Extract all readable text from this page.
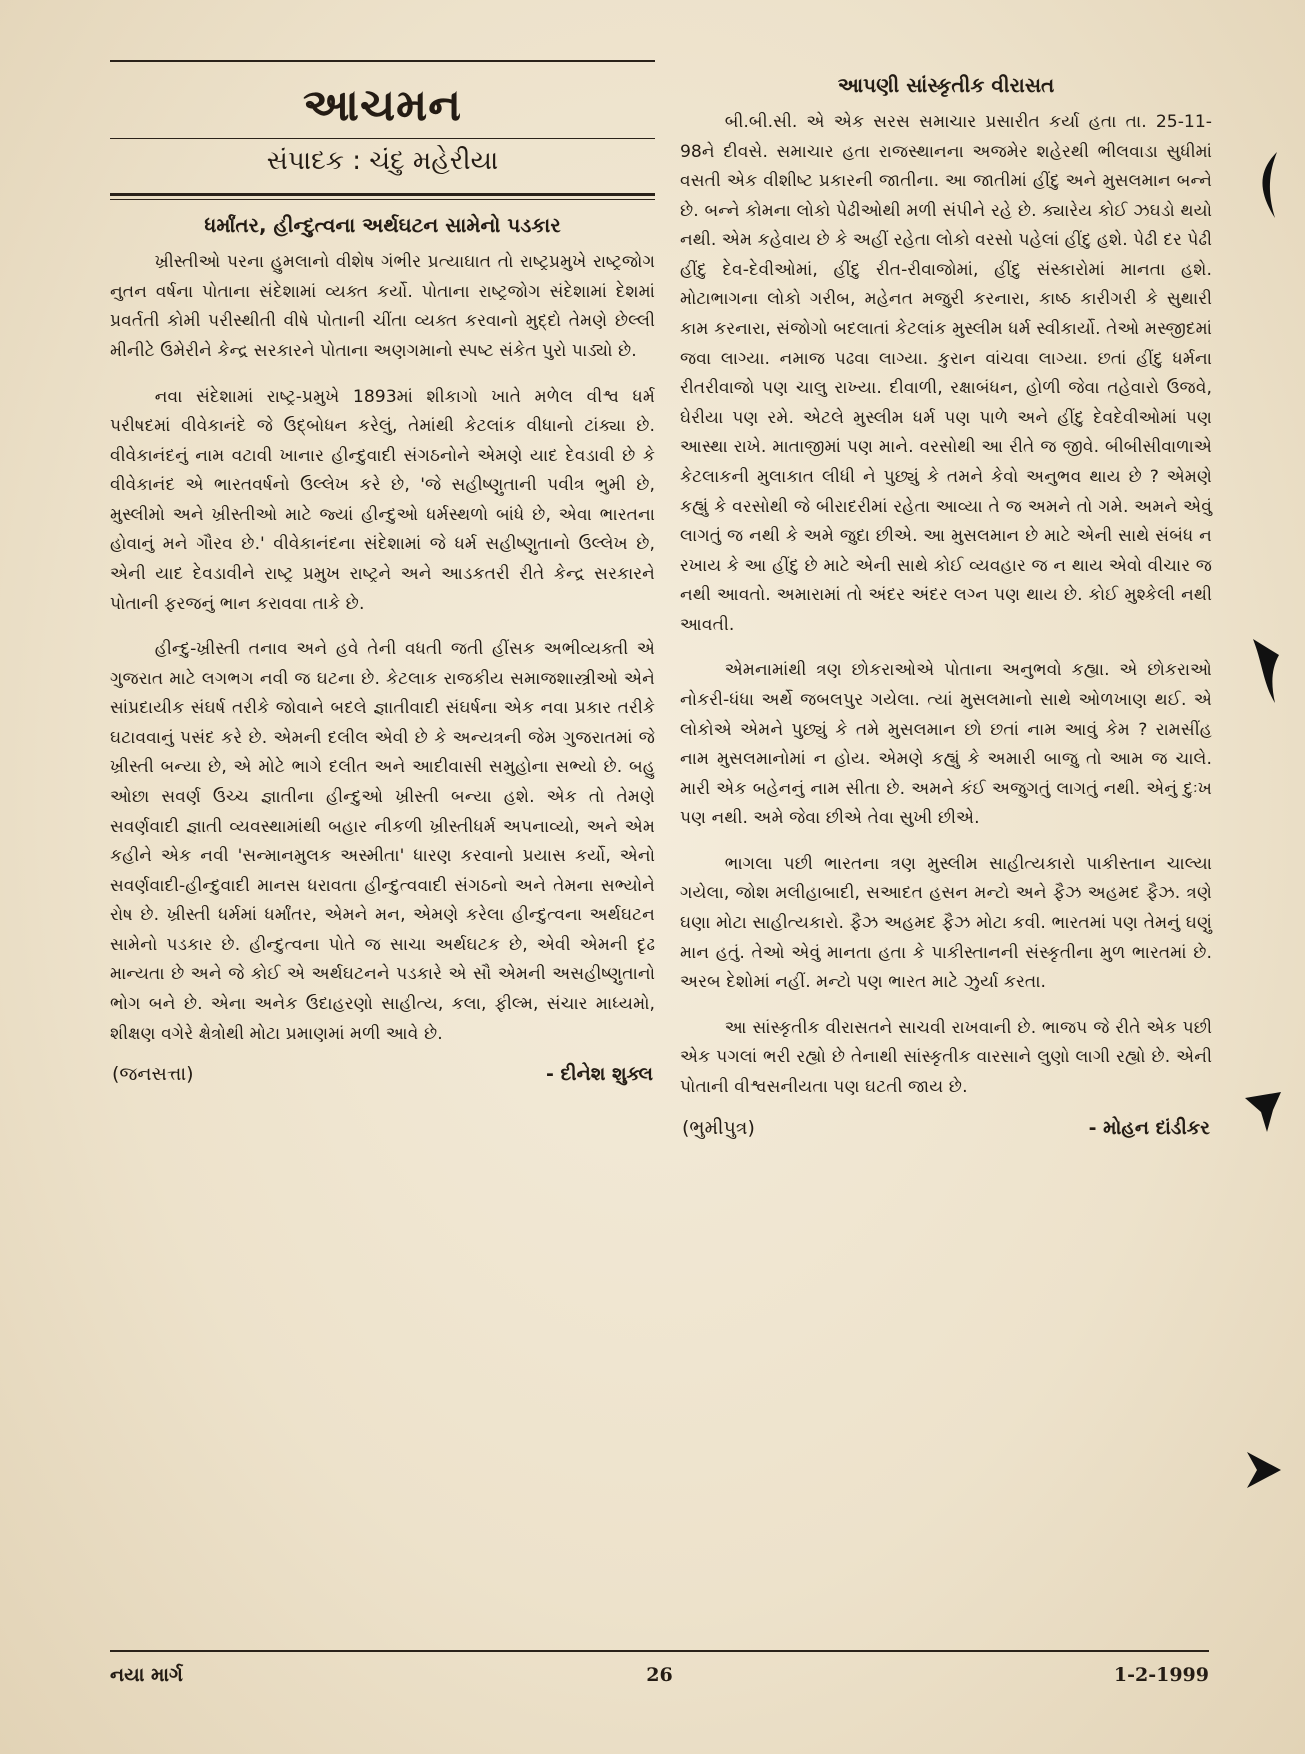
આચમન
સંપાદક : ચંદુ મહેરીયા
ધર્માંતર, હીન્દુત્વના અર્થઘટન સામેનો પડકાર

ખ્રીસ્તીઓ પરના હુમલાનો વીશેષ ગંભીર પ્રત્યાઘાત તો રાષ્ટ્રપ્રમુખે રાષ્ટ્રજોગ નુતન વર્ષના પોતાના સંદેશામાં વ્યક્ત કર્યો. પોતાના રાષ્ટ્રજોગ સંદેશામાં દેશમાં પ્રવર્તતી કોમી પરીસ્થીતી વીષે પોતાની ચીંતા વ્યક્ત કરવાનો મુદ્દો તેમણે છેલ્લી મીનીટે ઉમેરીને કેન્દ્ર સરકારને પોતાના અણગમાનો સ્પષ્ટ સંકેત પુરો પાડ્યો છે.

નવા સંદેશામાં રાષ્ટ્ર-પ્રમુખે 1893માં શીકાગો ખાતે મળેલ વીશ્વ ધર્મ પરીષદમાં વીવેકાનંદે જે ઉદ્બોધન કરેલું, તેમાંથી કેટલાંક વીધાનો ટાંક્યા છે. વીવેકાનંદનું નામ વટાવી ખાનાર હીન્દુવાદી સંગઠનોને એમણે યાદ દેવડાવી છે કે વીવેકાનંદ એ ભારતવર્ષનો ઉલ્લેખ કરે છે, 'જે સહીષ્ણુતાની પવીત્ર ભુમી છે, મુસ્લીમો અને ખ્રીસ્તીઓ માટે જ્યાં હીન્દુઓ ધર્મસ્થળો બાંધે છે, એવા ભારતના હોવાનું મને ગૌરવ છે.' વીવેકાનંદના સંદેશામાં જે ધર્મ સહીષ્ણુતાનો ઉલ્લેખ છે, એની યાદ દેવડાવીને રાષ્ટ્ર પ્રમુખ રાષ્ટ્રને અને આડકતરી રીતે કેન્દ્ર સરકારને પોતાની ફરજનું ભાન કરાવવા તાકે છે.

હીન્દુ-ખ્રીસ્તી તનાવ અને હવે તેની વધતી જતી હીંસક અભીવ્યક્તી એ ગુજરાત માટે લગભગ નવી જ ઘટના છે. કેટલાક રાજકીય સમાજશાસ્ત્રીઓ એને સાંપ્રદાયીક સંઘર્ષ તરીકે જોવાને બદલે જ્ઞાતીવાદી સંઘર્ષના એક નવા પ્રકાર તરીકે ઘટાવવાનું પસંદ કરે છે. એમની દલીલ એવી છે કે અન્યત્રની જેમ ગુજરાતમાં જે ખ્રીસ્તી બન્યા છે, એ મોટે ભાગે દલીત અને આદીવાસી સમુહોના સભ્યો છે. બહુ ઓછા સવર્ણ ઉચ્ચ જ્ઞાતીના હીન્દુઓ ખ્રીસ્તી બન્યા હશે. એક તો તેમણે સવર્ણવાદી જ્ઞાતી વ્યવસ્થામાંથી બહાર નીકળી ખ્રીસ્તીધર્મ અપનાવ્યો, અને એમ કહીને એક નવી 'સન્માનમુલક અસ્મીતા' ધારણ કરવાનો પ્રયાસ કર્યો, એનો સવર્ણવાદી-હીન્દુવાદી માનસ ધરાવતા હીન્દુત્વવાદી સંગઠનો અને તેમના સભ્યોને રોષ છે. ખ્રીસ્તી ધર્મમાં ધર્માંતર, એમને મન, એમણે કરેલા હીન્દુત્વના અર્થઘટન સામેનો પડકાર છે. હીન્દુત્વના પોતે જ સાચા અર્થઘટક છે, એવી એમની દૃઢ માન્યતા છે અને જે કોઈ એ અર્થઘટનને પડકારે એ સૌ એમની અસહીષ્ણુતાનો ભોગ બને છે. એના અનેક ઉદાહરણો સાહીત્ય, કલા, ફીલ્મ, સંચાર માધ્યમો, શીક્ષણ વગેરે ક્ષેત્રોથી મોટા પ્રમાણમાં મળી આવે છે.

(જનસત્તા)	- દીનેશ શુક્લ
આપણી સાંસ્કૃતીક વીરાસત

બી.બી.સી. એ એક સરસ સમાચાર પ્રસારીત કર્યા હતા તા. 25-11-98ને દીવસે. સમાચાર હતા રાજસ્થાનના અજમેર શહેરથી ભીલવાડા સુધીમાં વસતી એક વીશીષ્ટ પ્રકારની જાતીના. આ જાતીમાં હીંદુ અને મુસલમાન બન્ને છે. બન્ને કોમના લોકો પેઢીઓથી મળી સંપીને રહે છે. ક્યારેય કોઈ ઝઘડો થયો નથી. એમ કહેવાય છે કે અહીં રહેતા લોકો વરસો પહેલાં હીંદુ હશે. પેઢી દર પેઢી હીંદુ દેવ-દેવીઓમાં, હીંદુ રીત-રીવાજોમાં, હીંદુ સંસ્કારોમાં માનતા હશે. મોટાભાગના લોકો ગરીબ, મહેનત મજુરી કરનારા, કાષ્ઠ કારીગરી કે સુથારી કામ કરનારા, સંજોગો બદલાતાં કેટલાંક મુસ્લીમ ધર્મ સ્વીકાર્યો. તેઓ મસ્જીદમાં જવા લાગ્યા. નમાજ પઢવા લાગ્યા. કુરાન વાંચવા લાગ્યા. છતાં હીંદુ ધર્મના રીતરીવાજો પણ ચાલુ રાખ્યા. દીવાળી, રક્ષાબંધન, હોળી જેવા તહેવારો ઉજવે, ઘેરીયા પણ રમે. એટલે મુસ્લીમ ધર્મ પણ પાળે અને હીંદુ દેવદેવીઓમાં પણ આસ્થા રાખે. માતાજીમાં પણ માને. વરસોથી આ રીતે જ જીવે. બીબીસીવાળાએ કેટલાકની મુલાકાત લીધી ને પુછ્યું કે તમને કેવો અનુભવ થાય છે ? એમણે કહ્યું કે વરસોથી જે બીરાદરીમાં રહેતા આવ્યા તે જ અમને તો ગમે. અમને એવું લાગતું જ નથી કે અમે જુદા છીએ. આ મુસલમાન છે માટે એની સાથે સંબંધ ન રખાય કે આ હીંદુ છે માટે એની સાથે કોઈ વ્યવહાર જ ન થાય એવો વીચાર જ નથી આવતો. અમારામાં તો અંદર અંદર લગ્ન પણ થાય છે. કોઈ મુશ્કેલી નથી આવતી.

એમનામાંથી ત્રણ છોકરાઓએ પોતાના અનુભવો કહ્યા. એ છોકરાઓ નોકરી-ધંધા અર્થે જબલપુર ગયેલા. ત્યાં મુસલમાનો સાથે ઓળખાણ થઈ. એ લોકોએ એમને પુછ્યું કે તમે મુસલમાન છો છતાં નામ આવું કેમ ? રામસીંહ નામ મુસલમાનોમાં ન હોય. એમણે કહ્યું કે અમારી બાજુ તો આમ જ ચાલે. મારી એક બહેનનું નામ સીતા છે. અમને કંઈ અજુગતું લાગતું નથી. એનું દુઃખ પણ નથી. અમે જેવા છીએ તેવા સુખી છીએ.

ભાગલા પછી ભારતના ત્રણ મુસ્લીમ સાહીત્યકારો પાકીસ્તાન ચાલ્યા ગયેલા, જોશ મલીહાબાદી, સઆદત હસન મન્ટો અને ફૈઝ અહમદ ફૈઝ. ત્રણે ઘણા મોટા સાહીત્યકારો. ફૈઝ અહમદ ફૈઝ મોટા કવી. ભારતમાં પણ તેમનું ઘણું માન હતું. તેઓ એવું માનતા હતા કે પાકીસ્તાનની સંસ્કૃતીના મુળ ભારતમાં છે. અરબ દેશોમાં નહીં. મન્ટો પણ ભારત માટે ઝુર્યા કરતા.

આ સાંસ્કૃતીક વીરાસતને સાચવી રાખવાની છે. ભાજપ જે રીતે એક પછી એક પગલાં ભરી રહ્યો છે તેનાથી સાંસ્કૃતીક વારસાને લુણો લાગી રહ્યો છે. એની પોતાની વીશ્વસનીયતા પણ ઘટતી જાય છે.

(ભુમીપુત્ર)	- મોહન દાંડીકર
નયા માર્ગ	26	1-2-1999
